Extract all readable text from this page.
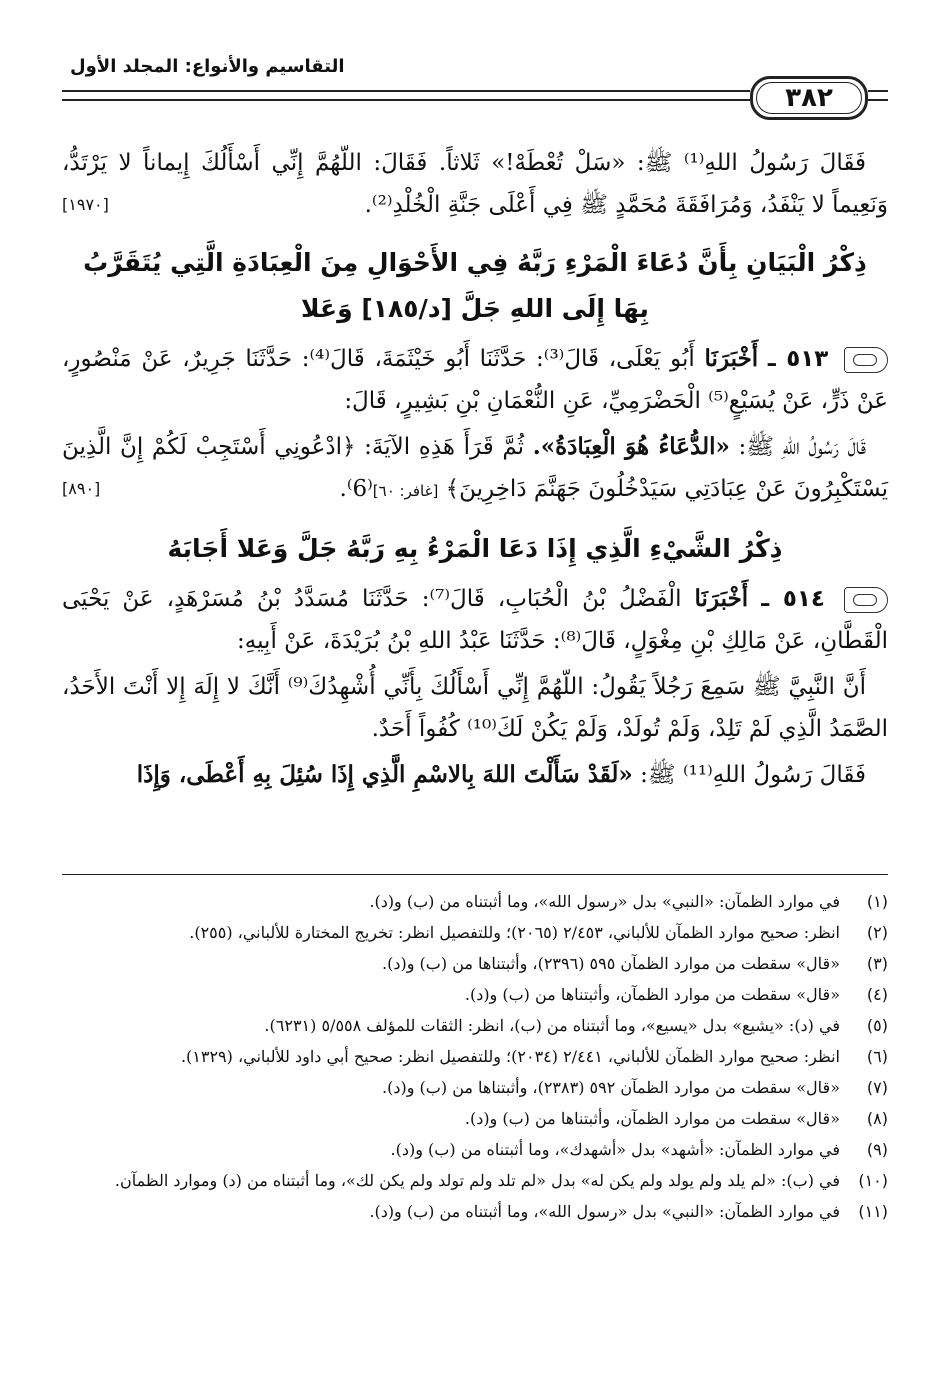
٣٨٢
التقاسيم والأنواع: المجلد الأول

فَقَالَ رَسُولُ اللهِ⁽¹⁾ ﷺ: «سَلْ تُعْطَهْ!» ثَلاثاً. فَقَالَ: اللّهُمَّ إِنِّي أَسْأَلُكَ إِيماناً لا يَرْتَدُّ، وَنَعِيماً لا يَنْفَدُ، وَمُرَافَقَةَ مُحَمَّدٍ ﷺ فِي أَعْلَى جَنَّةِ الْخُلْدِ⁽²⁾.
[١٩٧٠]

ذِكْرُ الْبَيَانِ بِأَنَّ دُعَاءَ الْمَرْءِ رَبَّهُ فِي الأَحْوَالِ مِنَ الْعِبَادَةِ الَّتِي يُتَقَرَّبُ بِهَا إِلَى اللهِ جَلَّ [د/١٨٥] وَعَلا

٥١٣ ـ أَخْبَرَنَا أَبُو يَعْلَى، قَالَ⁽³⁾: حَدَّثَنَا أَبُو خَيْثَمَةَ، قَالَ⁽⁴⁾: حَدَّثَنَا جَرِيرٌ، عَنْ مَنْصُورٍ، عَنْ ذَرٍّ، عَنْ يُسَيْعٍ⁽⁵⁾ الْحَضْرَمِيِّ، عَنِ النُّعْمَانِ بْنِ بَشِيرٍ، قَالَ:

قَالَ رَسُولُ اللهِ ﷺ: «الدُّعَاءُ هُوَ الْعِبَادَةُ». ثُمَّ قَرَأَ هَذِهِ الآيَةَ: ﴿ادْعُونِي أَسْتَجِبْ لَكُمْ إِنَّ الَّذِينَ يَسْتَكْبِرُونَ عَنْ عِبَادَتِي سَيَدْخُلُونَ جَهَنَّمَ دَاخِرِينَ﴾ [غافر: ٦٠]⁽6⁾.
[٨٩٠]

ذِكْرُ الشَّيْءِ الَّذِي إِذَا دَعَا الْمَرْءُ بِهِ رَبَّهُ جَلَّ وَعَلا أَجَابَهُ

٥١٤ ـ أَخْبَرَنَا الْفَضْلُ بْنُ الْحُبَابِ، قَالَ⁽⁷⁾: حَدَّثَنَا مُسَدَّدُ بْنُ مُسَرْهَدٍ، عَنْ يَحْيَى الْقَطَّانِ، عَنْ مَالِكِ بْنِ مِغْوَلٍ، قَالَ⁽⁸⁾: حَدَّثَنَا عَبْدُ اللهِ بْنُ بُرَيْدَةَ، عَنْ أَبِيهِ:

أَنَّ النَّبِيَّ ﷺ سَمِعَ رَجُلاً يَقُولُ: اللّهُمَّ إِنِّي أَسْأَلُكَ بِأَنِّي أُشْهِدُكَ⁽⁹⁾ أَنَّكَ لا إِلَهَ إِلا أَنْتَ الأَحَدُ، الصَّمَدُ الَّذِي لَمْ تَلِدْ، وَلَمْ تُولَدْ، وَلَمْ يَكُنْ لَكَ⁽¹⁰⁾ كُفُواً أَحَدٌ.

فَقَالَ رَسُولُ اللهِ⁽¹¹⁾ ﷺ: «لَقَدْ سَأَلْتَ اللهَ بِالاسْمِ الَّذِي إِذَا سُئِلَ بِهِ أَعْطَى، وَإِذَا

(١)
في موارد الظمآن: «النبي» بدل «رسول الله»، وما أثبتناه من (ب) و(د).
(٢)
انظر: صحيح موارد الظمآن للألباني، ٢/٤٥٣ (٢٠٦٥)؛ وللتفصيل انظر: تخريج المختارة للألباني، (٢٥٥).
(٣)
«قال» سقطت من موارد الظمآن ٥٩٥ (٢٣٩٦)، وأثبتناها من (ب) و(د).
(٤)
«قال» سقطت من موارد الظمآن، وأثبتناها من (ب) و(د).
(٥)
في (د): «يشيع» بدل «يسيع»، وما أثبتناه من (ب)، انظر: الثقات للمؤلف ٥/٥٥٨ (٦٢٣١).
(٦)
انظر: صحيح موارد الظمآن للألباني، ٢/٤٤١ (٢٠٣٤)؛ وللتفصيل انظر: صحيح أبي داود للألباني، (١٣٢٩).
(٧)
«قال» سقطت من موارد الظمآن ٥٩٢ (٢٣٨٣)، وأثبتناها من (ب) و(د).
(٨)
«قال» سقطت من موارد الظمآن، وأثبتناها من (ب) و(د).
(٩)
في موارد الظمآن: «أشهد» بدل «أشهدك»، وما أثبتناه من (ب) و(د).
(١٠)
في (ب): «لم يلد ولم يولد ولم يكن له» بدل «لم تلد ولم تولد ولم يكن لك»، وما أثبتناه من (د) وموارد الظمآن.
(١١)
في موارد الظمآن: «النبي» بدل «رسول الله»، وما أثبتناه من (ب) و(د).
